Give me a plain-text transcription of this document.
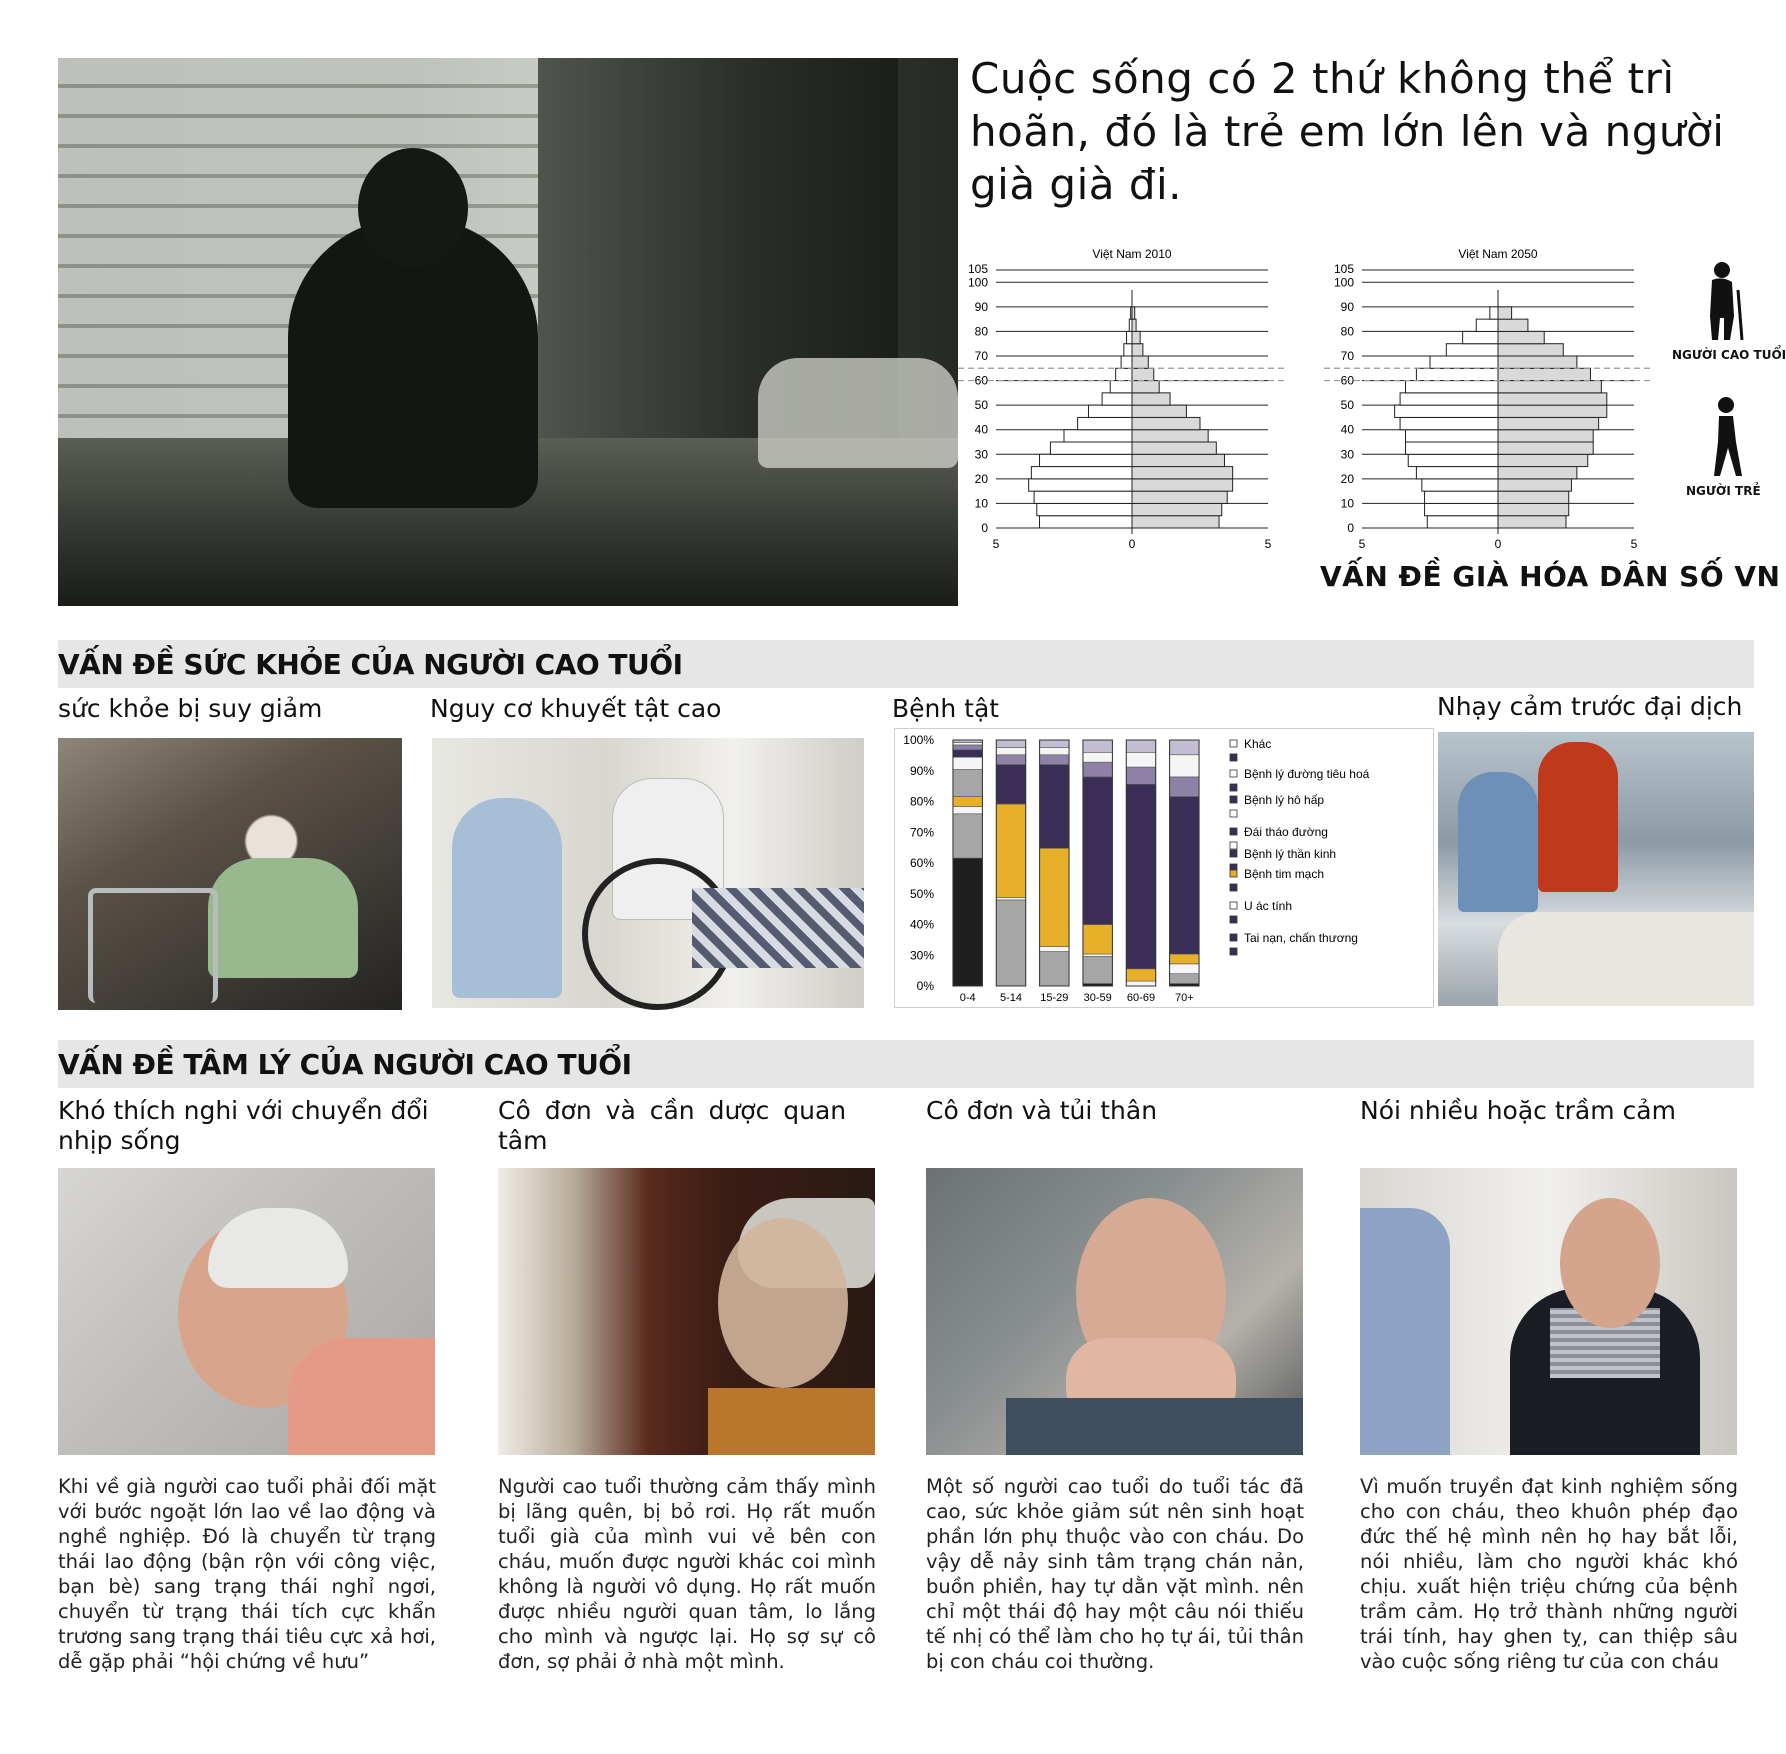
Cuộc sống có 2 thứ không thể trì hoãn, đó là trẻ em lớn lên và người già già đi.
Việt Nam 2010
105
100
90
80
70
60
50
40
30
20
10
0
5	0	5
Việt Nam 2050
105
100
90
80
70
60
50
40
30
20
10
0
5	0	5
NGƯỜI CAO TUỔI
NGƯỜI TRẺ
VẤN ĐỀ GIÀ HÓA DÂN SỐ VN
VẤN ĐỀ SỨC KHỎE CỦA NGƯỜI CAO TUỔI
sức khỏe bị suy giảm	Nguy cơ khuyết tật cao	Bệnh tật	Nhạy cảm trước đại dịch
100%
90%
80%
70%
60%
50%
40%
30%
0%
0-4 5-14 15-29 30-59 60-69 70+
Khác
Bệnh lý đường tiêu hoá
Bệnh lý hô hấp
Đái tháo đường
Bệnh lý thần kinh
Bệnh tim mạch
U ác tính
Tai nạn, chấn thương
VẤN ĐỀ TÂM LÝ CỦA NGƯỜI CAO TUỔI
Khó thích nghi với chuyển đổi nhịp sống
Cô đơn và cần dược quan tâm
Cô đơn và tủi thân	Nói nhiều hoặc trầm cảm
Khi về già người cao tuổi phải đối mặt với bước ngoặt lớn lao về lao động và nghề nghiệp. Đó là chuyển từ trạng thái lao động (bận rộn với công việc, bạn bè) sang trạng thái nghỉ ngơi, chuyển từ trạng thái tích cực khẩn trương sang trạng thái tiêu cực xả hơi, dễ gặp phải “hội chứng về hưu”
Người cao tuổi thường cảm thấy mình bị lãng quên, bị bỏ rơi. Họ rất muốn tuổi già của mình vui vẻ bên con cháu, muốn được người khác coi mình không là người vô dụng. Họ rất muốn được nhiều người quan tâm, lo lắng cho mình và ngược lại. Họ sợ sự cô đơn, sợ phải ở nhà một mình.
Một số người cao tuổi do tuổi tác đã cao, sức khỏe giảm sút nên sinh hoạt phần lớn phụ thuộc vào con cháu. Do vậy dễ nảy sinh tâm trạng chán nản, buồn phiền, hay tự dằn vặt mình. nên chỉ một thái độ hay một câu nói thiếu tế nhị có thể làm cho họ tự ái, tủi thân bị con cháu coi thường.
Vì muốn truyền đạt kinh nghiệm sống cho con cháu, theo khuôn phép đạo đức thế hệ mình nên họ hay bắt lỗi, nói nhiều, làm cho người khác khó chịu. xuất hiện triệu chứng của bệnh trầm cảm. Họ trở thành những người trái tính, hay ghen tỵ, can thiệp sâu vào cuộc sống riêng tư của con cháu
